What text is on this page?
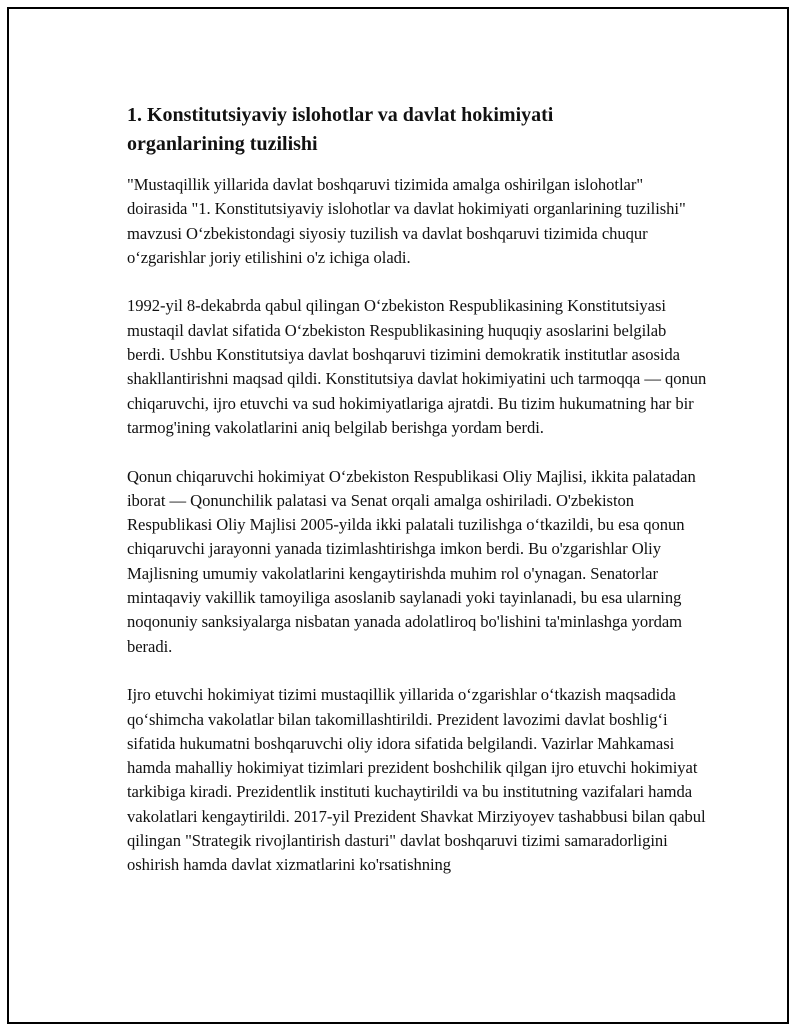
1. Konstitutsiyaviy islohotlar va davlat hokimiyati organlarining tuzilishi

"Mustaqillik yillarida davlat boshqaruvi tizimida amalga oshirilgan islohotlar" doirasida "1. Konstitutsiyaviy islohotlar va davlat hokimiyati organlarining tuzilishi" mavzusi Oʻzbekistondagi siyosiy tuzilish va davlat boshqaruvi tizimida chuqur oʻzgarishlar joriy etilishini o'z ichiga oladi.

1992-yil 8-dekabrda qabul qilingan Oʻzbekiston Respublikasining Konstitutsiyasi mustaqil davlat sifatida Oʻzbekiston Respublikasining huquqiy asoslarini belgilab berdi. Ushbu Konstitutsiya davlat boshqaruvi tizimini demokratik institutlar asosida shakllantirishni maqsad qildi. Konstitutsiya davlat hokimiyatini uch tarmoqqa — qonun chiqaruvchi, ijro etuvchi va sud hokimiyatlariga ajratdi. Bu tizim hukumatning har bir tarmog'ining vakolatlarini aniq belgilab berishga yordam berdi.

Qonun chiqaruvchi hokimiyat Oʻzbekiston Respublikasi Oliy Majlisi, ikkita palatadan iborat — Qonunchilik palatasi va Senat orqali amalga oshiriladi. O'zbekiston Respublikasi Oliy Majlisi 2005-yilda ikki palatali tuzilishga oʻtkazildi, bu esa qonun chiqaruvchi jarayonni yanada tizimlashtirishga imkon berdi. Bu o'zgarishlar Oliy Majlisning umumiy vakolatlarini kengaytirishda muhim rol o'ynagan. Senatorlar mintaqaviy vakillik tamoyiliga asoslanib saylanadi yoki tayinlanadi, bu esa ularning noqonuniy sanksiyalarga nisbatan yanada adolatliroq bo'lishini ta'minlashga yordam beradi.

Ijro etuvchi hokimiyat tizimi mustaqillik yillarida oʻzgarishlar oʻtkazish maqsadida qoʻshimcha vakolatlar bilan takomillashtirildi. Prezident lavozimi davlat boshligʻi sifatida hukumatni boshqaruvchi oliy idora sifatida belgilandi. Vazirlar Mahkamasi hamda mahalliy hokimiyat tizimlari prezident boshchilik qilgan ijro etuvchi hokimiyat tarkibiga kiradi. Prezidentlik instituti kuchaytirildi va bu institutning vazifalari hamda vakolatlari kengaytirildi. 2017-yil Prezident Shavkat Mirziyoyev tashabbusi bilan qabul qilingan "Strategik rivojlantirish dasturi" davlat boshqaruvi tizimi samaradorligini oshirish hamda davlat xizmatlarini ko'rsatishning
